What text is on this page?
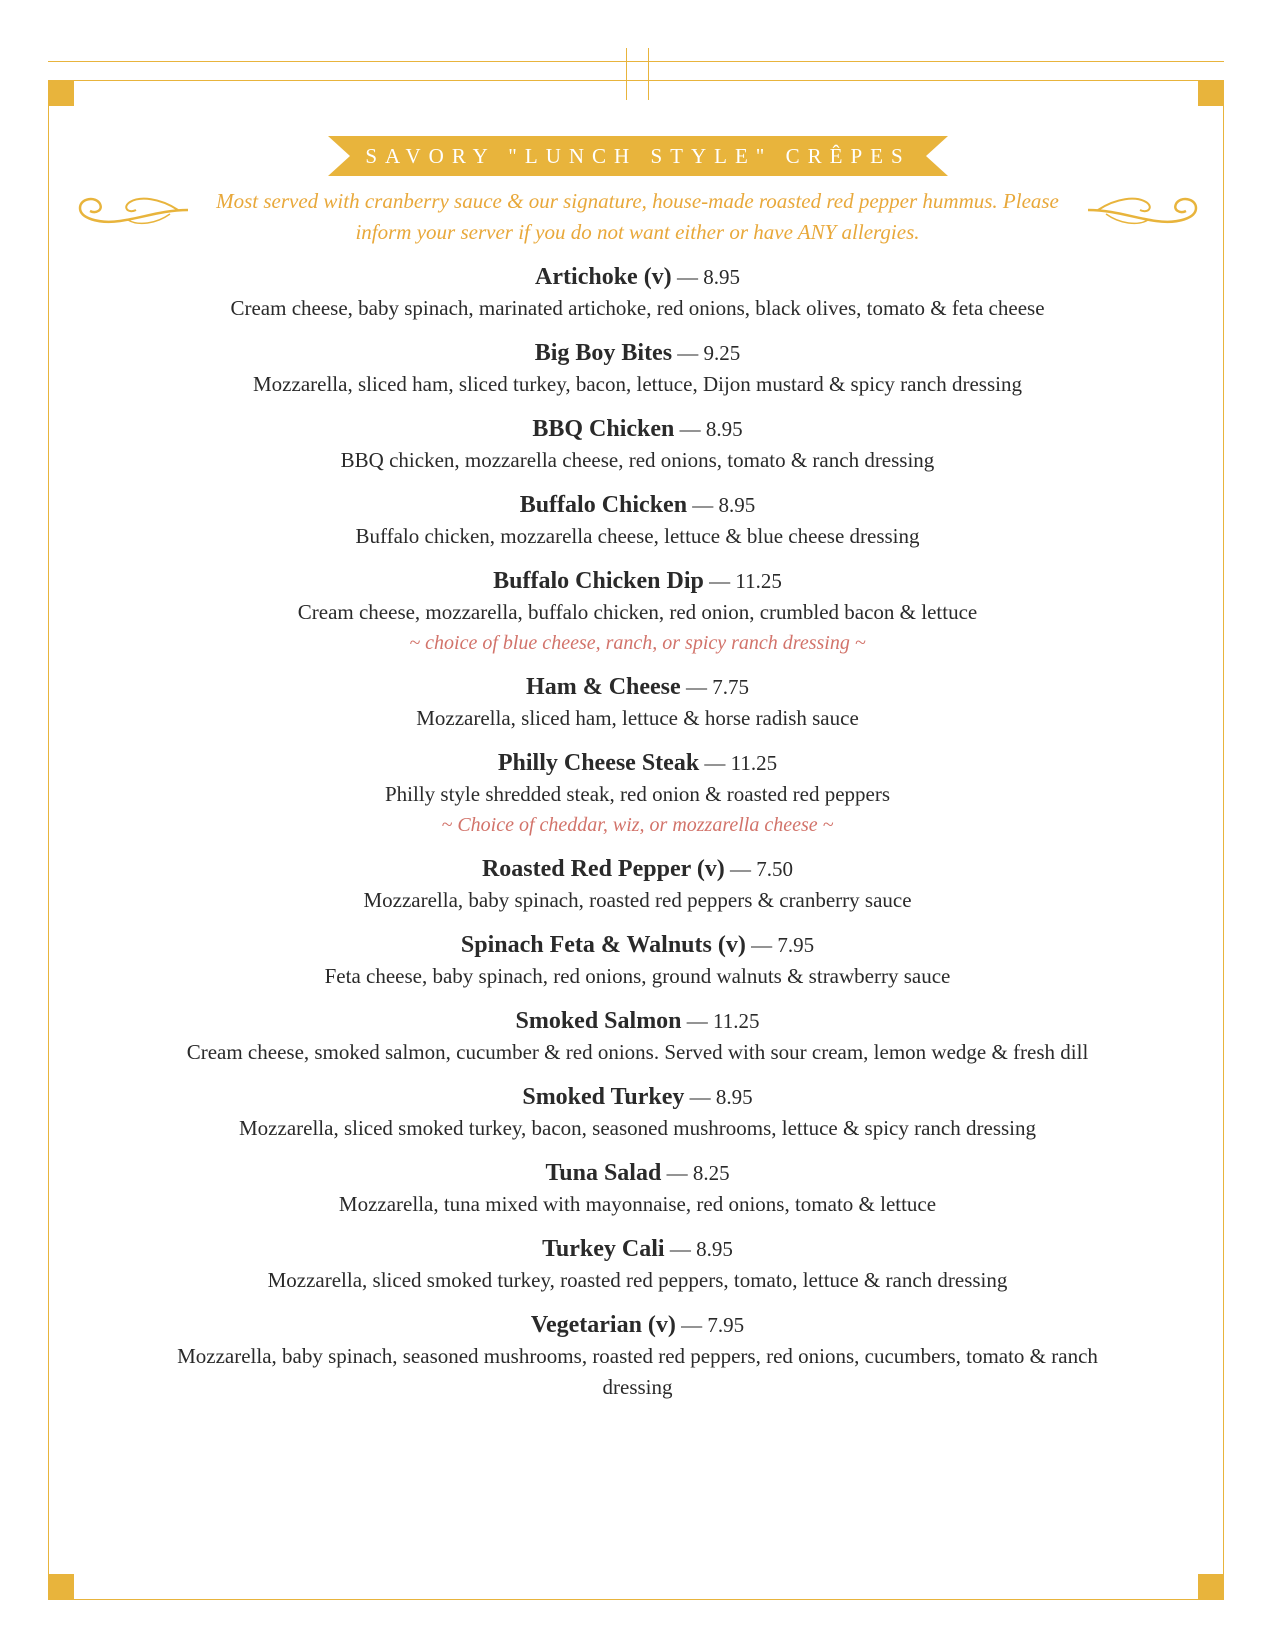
SAVORY "LUNCH STYLE" CRÊPES
Most served with cranberry sauce & our signature, house-made roasted red pepper hummus. Please inform your server if you do not want either or have ANY allergies.
Artichoke (v) — 8.95
Cream cheese, baby spinach, marinated artichoke, red onions, black olives, tomato & feta cheese
Big Boy Bites — 9.25
Mozzarella, sliced ham, sliced turkey, bacon, lettuce, Dijon mustard & spicy ranch dressing
BBQ Chicken — 8.95
BBQ chicken, mozzarella cheese, red onions, tomato & ranch dressing
Buffalo Chicken — 8.95
Buffalo chicken, mozzarella cheese, lettuce & blue cheese dressing
Buffalo Chicken Dip — 11.25
Cream cheese, mozzarella, buffalo chicken, red onion, crumbled bacon & lettuce
~ choice of blue cheese, ranch, or spicy ranch dressing ~
Ham & Cheese — 7.75
Mozzarella, sliced ham, lettuce & horse radish sauce
Philly Cheese Steak — 11.25
Philly style shredded steak, red onion & roasted red peppers
~ Choice of cheddar, wiz, or mozzarella cheese ~
Roasted Red Pepper (v) — 7.50
Mozzarella, baby spinach, roasted red peppers & cranberry sauce
Spinach Feta & Walnuts (v) — 7.95
Feta cheese, baby spinach, red onions, ground walnuts & strawberry sauce
Smoked Salmon — 11.25
Cream cheese, smoked salmon, cucumber & red onions. Served with sour cream, lemon wedge & fresh dill
Smoked Turkey — 8.95
Mozzarella, sliced smoked turkey, bacon, seasoned mushrooms, lettuce & spicy ranch dressing
Tuna Salad — 8.25
Mozzarella, tuna mixed with mayonnaise, red onions, tomato & lettuce
Turkey Cali — 8.95
Mozzarella, sliced smoked turkey, roasted red peppers, tomato, lettuce & ranch dressing
Vegetarian (v) — 7.95
Mozzarella, baby spinach, seasoned mushrooms, roasted red peppers, red onions, cucumbers, tomato & ranch dressing
